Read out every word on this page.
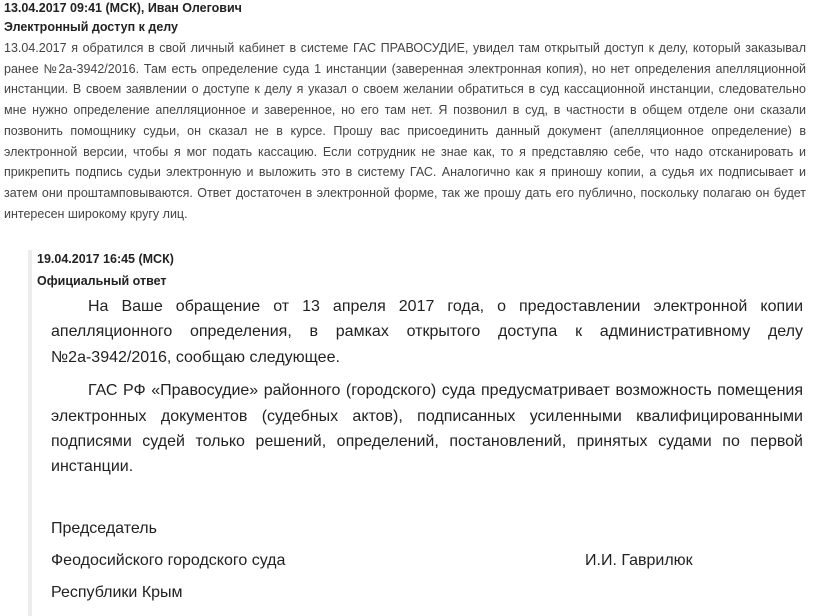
13.04.2017 09:41 (МСК), Иван Олегович

Электронный доступ к делу

13.04.2017 я обратился в свой личный кабинет в системе ГАС ПРАВОСУДИЕ, увидел там открытый доступ к делу, который заказывал ранее №2а-3942/2016. Там есть определение суда 1 инстанции (заверенная электронная копия), но нет определения апелляционной инстанции. В своем заявлении о доступе к делу я указал о своем желании обратиться в суд кассационной инстанции, следовательно мне нужно определение апелляционное и заверенное, но его там нет. Я позвонил в суд, в частности в общем отделе они сказали позвонить помощнику судьи, он сказал не в курсе. Прошу вас присоединить данный документ (апелляционное определение) в электронной версии, чтобы я мог подать кассацию. Если сотрудник не знае как, то я представляю себе, что надо отсканировать и прикрепить подпись судьи электронную и выложить это в систему ГАС. Аналогично как я приношу копии, а судья их подписывает и затем они проштамповываются. Ответ достаточен в электронной форме, так же прошу дать его публично, поскольку полагаю он будет интересен широкому кругу лиц.

19.04.2017 16:45 (МСК)

Официальный ответ

На Ваше обращение от 13 апреля 2017 года, о предоставлении электронной копии апелляционного определения, в рамках открытого доступа к административному делу №2а-3942/2016, сообщаю следующее.

ГАС РФ «Правосудие» районного (городского) суда предусматривает возможность помещения электронных документов (судебных актов), подписанных усиленными квалифицированными подписями судей только решений, определений, постановлений, принятых судами по первой инстанции.

Председатель

Феодосийского городского суда

Республики Крым

И.И. Гаврилюк
